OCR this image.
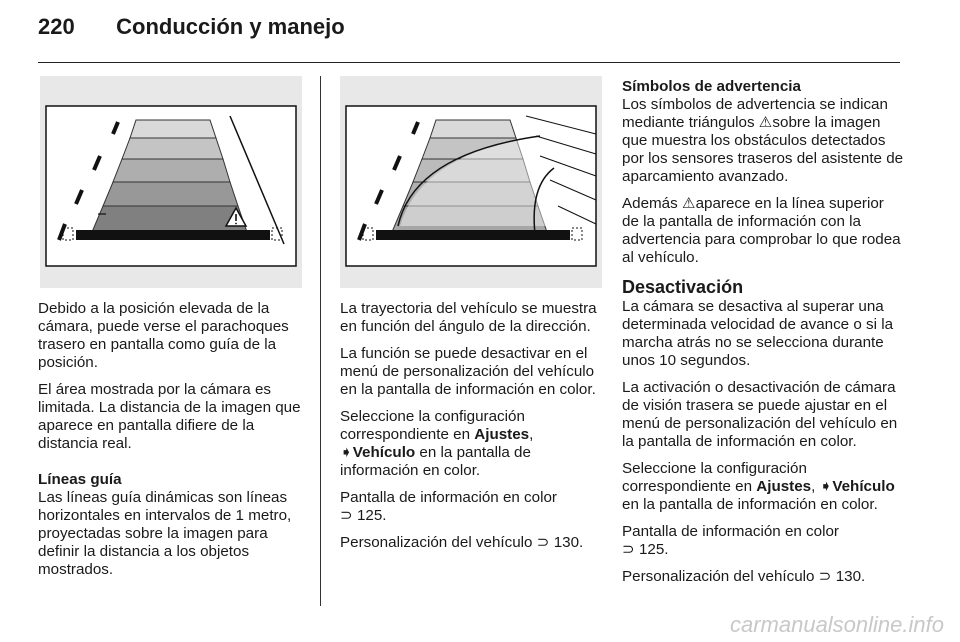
220 Conducción y manejo

Debido a la posición elevada de la cámara, puede verse el parachoques trasero en pantalla como guía de la posición.

El área mostrada por la cámara es limitada. La distancia de la imagen que aparece en pantalla difiere de la distancia real.

Líneas guía

Las líneas guía dinámicas son líneas horizontales en intervalos de 1 metro, proyectadas sobre la imagen para definir la distancia a los objetos mostrados.

La trayectoria del vehículo se muestra en función del ángulo de la dirección.

La función se puede desactivar en el menú de personalización del vehículo en la pantalla de información en color.

Seleccione la configuración correspondiente en Ajustes, ➧Vehículo en la pantalla de información en color.

Pantalla de información en color
⊃ 125.

Personalización del vehículo ⊃ 130.

Símbolos de advertencia

Los símbolos de advertencia se indican mediante triángulos ⚠sobre la imagen que muestra los obstáculos detectados por los sensores traseros del asistente de aparcamiento avanzado.

Además ⚠aparece en la línea superior de la pantalla de información con la advertencia para comprobar lo que rodea al vehículo.

Desactivación

La cámara se desactiva al superar una determinada velocidad de avance o si la marcha atrás no se selecciona durante unos 10 segundos.

La activación o desactivación de cámara de visión trasera se puede ajustar en el menú de personalización del vehículo en la pantalla de información en color.

Seleccione la configuración correspondiente en Ajustes, ➧Vehículo en la pantalla de información en color.

Pantalla de información en color
⊃ 125.

Personalización del vehículo ⊃ 130.

carmanualsonline.info
